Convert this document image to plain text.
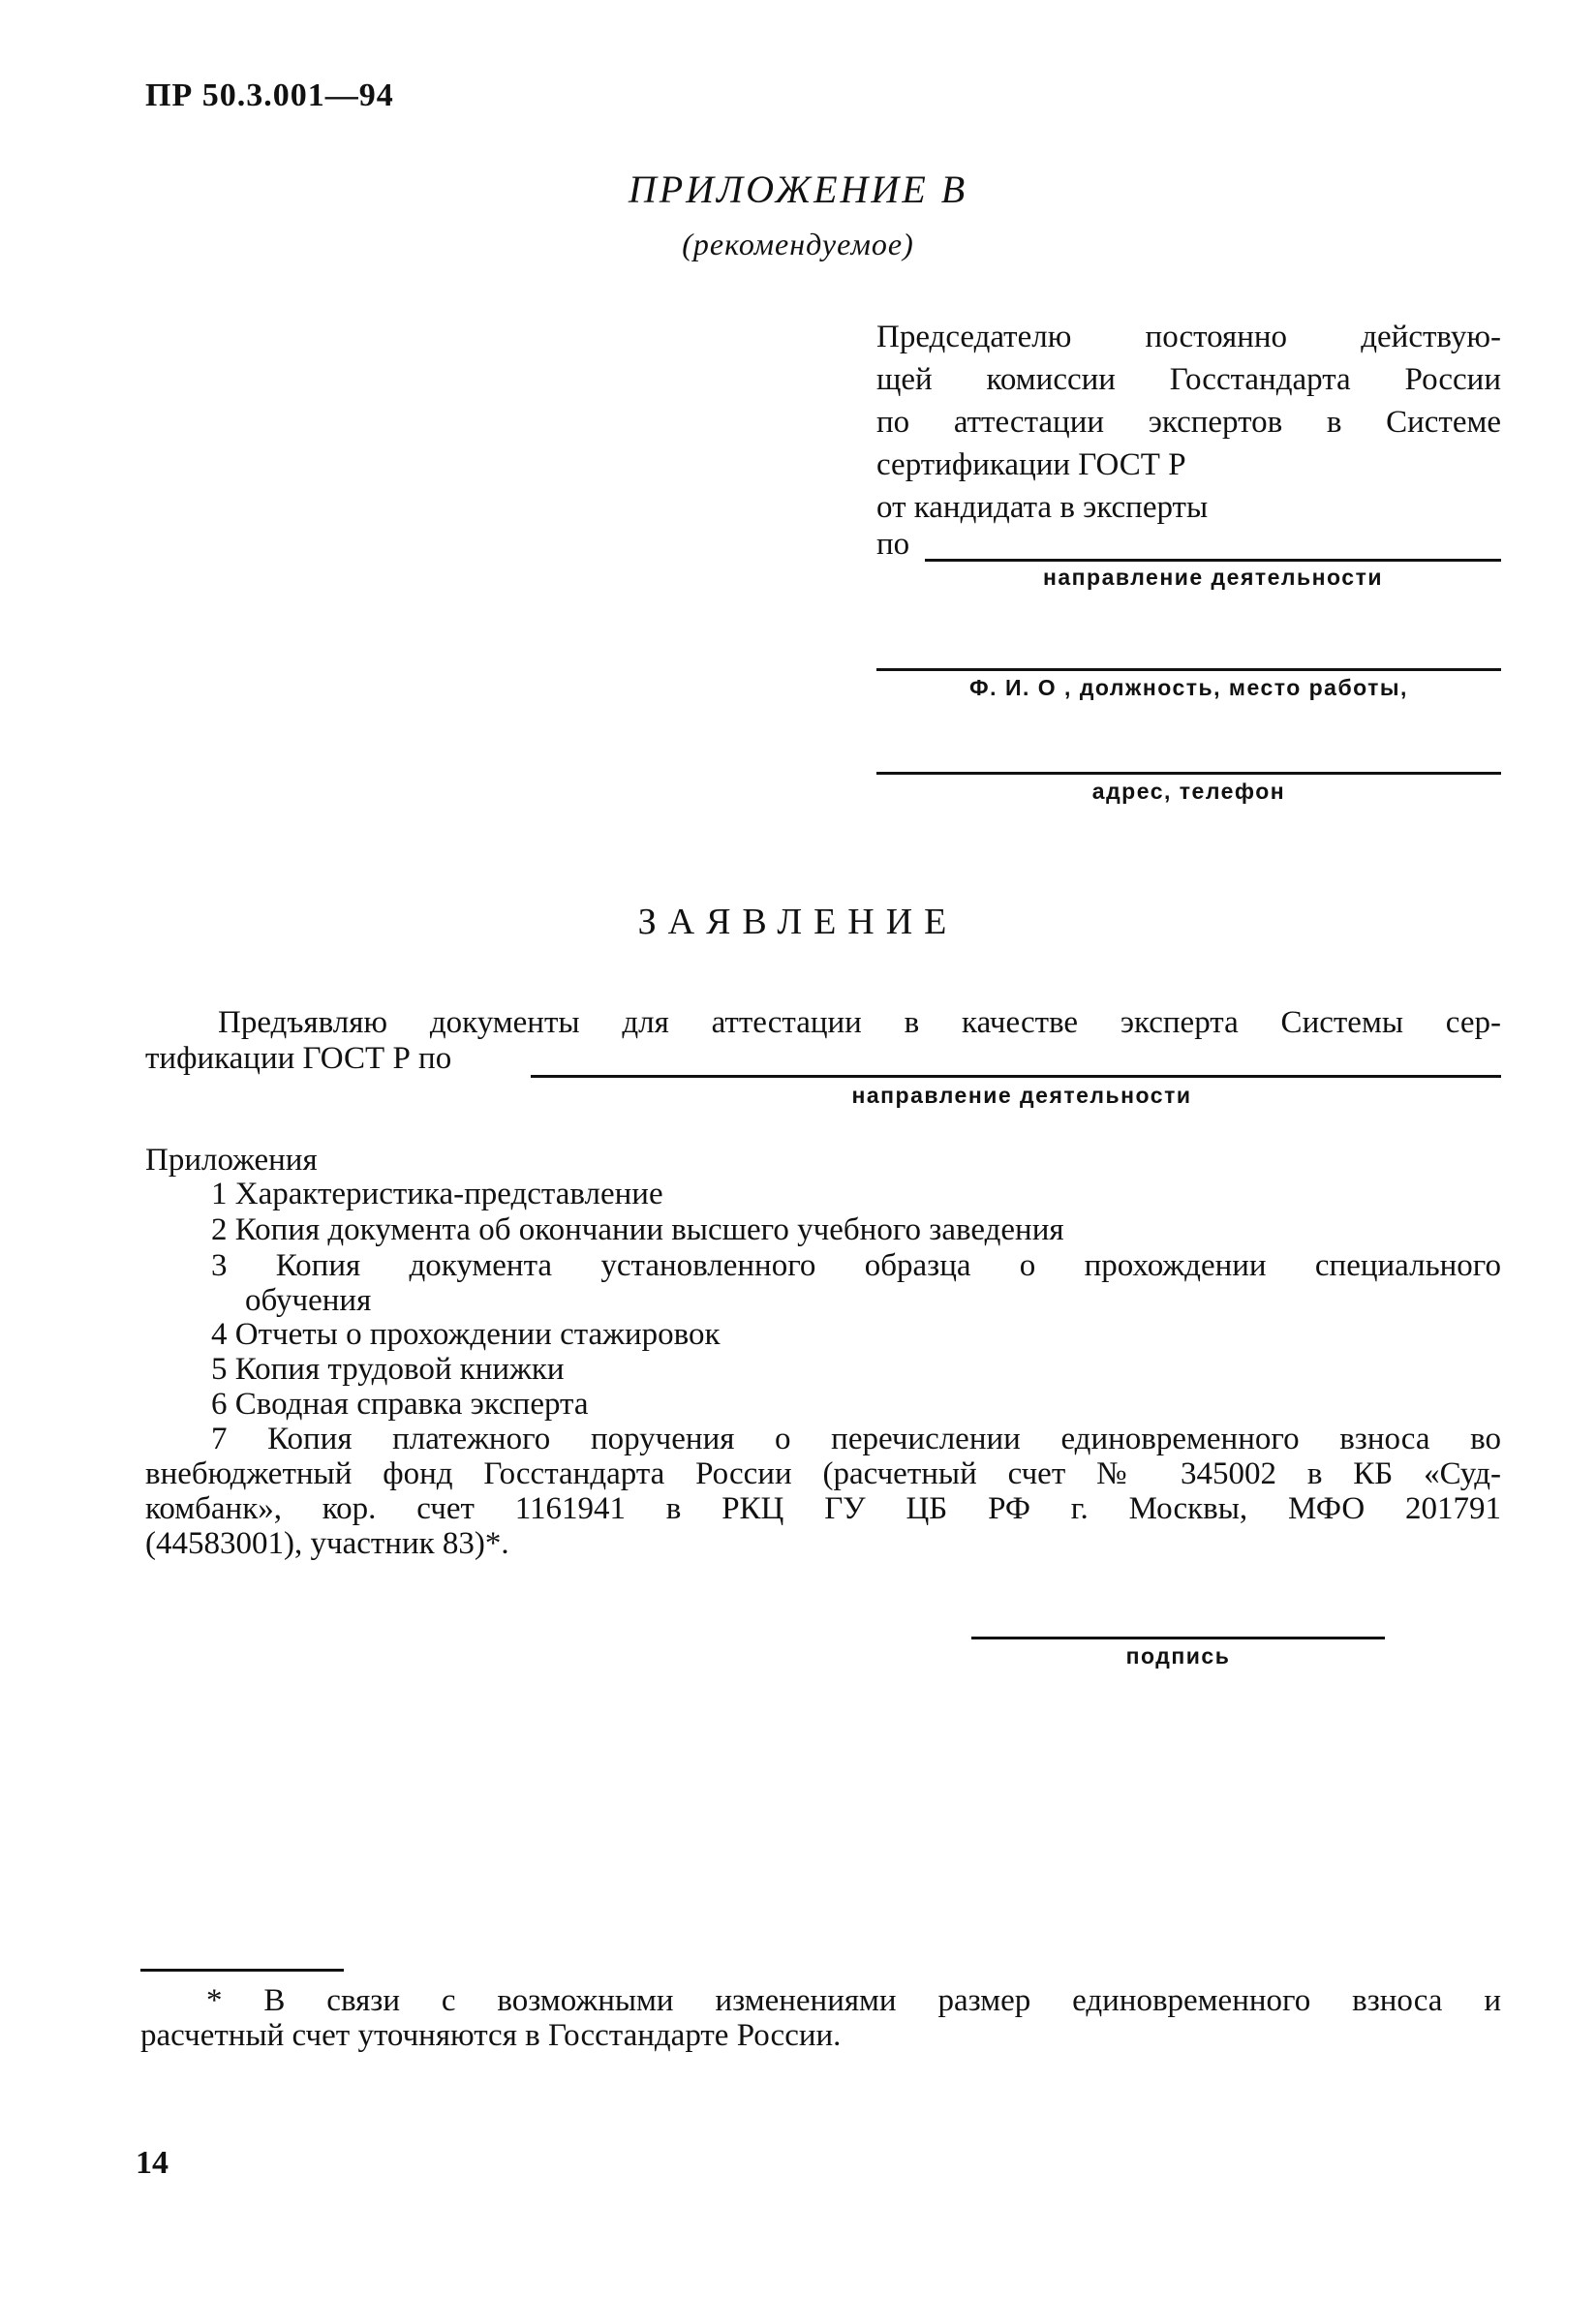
ПР 50.3.001—94
ПРИЛОЖЕНИЕ В
(рекомендуемое)
Председателю постоянно действую-
щей комиссии Госстандарта России
по аттестации экспертов в Системе
сертификации ГОСТ Р
от кандидата в эксперты
по
направление деятельности
Ф. И. О , должность, место работы,
адрес, телефон
ЗАЯВЛЕНИЕ
Предъявляю документы для аттестации в качестве эксперта Системы сер-
тификации ГОСТ Р по
направление деятельности
Приложения
1 Характеристика-представление
2 Копия документа об окончании высшего учебного заведения
3 Копия документа установленного образца о прохождении специального
обучения
4 Отчеты о прохождении стажировок
5 Копия трудовой книжки
6 Сводная справка эксперта
7 Копия платежного поручения о перечислении единовременного взноса во
внебюджетный фонд Госстандарта России (расчетный счет № 345002 в КБ «Суд-
комбанк», кор. счет 1161941 в РКЦ ГУ ЦБ РФ г. Москвы, МФО 201791
(44583001), участник 83)*.
подпись
* В связи с возможными изменениями размер единовременного взноса и
расчетный счет уточняются в Госстандарте России.
14
